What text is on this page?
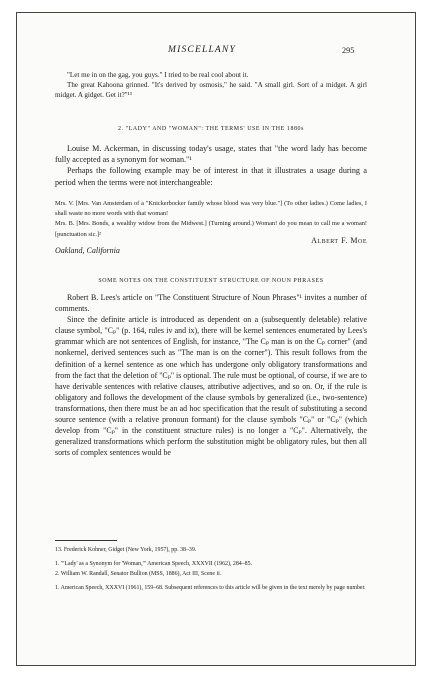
MISCELLANY	295

"Let me in on the gag, you guys." I tried to be real cool about it.

The great Kahoona grinned. "It's derived by osmosis," he said. "A small girl. Sort of a midget. A girl midget. A gidget. Get it?"¹³

2. "LADY" AND "WOMAN": THE TERMS' USE IN THE 1880s

Louise M. Ackerman, in discussing today's usage, states that "the word lady has become fully accepted as a synonym for woman."¹

Perhaps the following example may be of interest in that it illustrates a usage during a period when the terms were not interchangeable:

Mrs. V. [Mrs. Van Amsterdam of a "Knickerbocker family whose blood was very blue."] (To other ladies.) Come ladies, I shall waste no more words with that woman!

Mrs. B. [Mrs. Bonds, a wealthy widow from the Midwest.] (Turning around.) Woman! do you mean to call me a woman! [punctuation sic.]²

Albert F. Moe

Oakland, California

SOME NOTES ON THE CONSTITUENT STRUCTURE OF NOUN PHRASES

Robert B. Lees's article on "The Constituent Structure of Noun Phrases"¹ invites a number of comments.

Since the definite article is introduced as dependent on a (subsequently deletable) relative clause symbol, "Cₚ" (p. 164, rules iv and ix), there will be kernel sentences enumerated by Lees's grammar which are not sentences of English, for instance, "The Cₚ man is on the Cₚ corner" (and nonkernel, derived sentences such as "The man is on the corner"). This result follows from the definition of a kernel sentence as one which has undergone only obligatory transformations and from the fact that the deletion of "Cₚ" is optional. The rule must be optional, of course, if we are to have derivable sentences with relative clauses, attributive adjectives, and so on. Or, if the rule is obligatory and follows the development of the clause symbols by generalized (i.e., two-sentence) transformations, then there must be an ad hoc specification that the result of substituting a second source sentence (with a relative pronoun formant) for the clause symbols "Cₚ" or "Cₚ" (which develop from "Cₚ" in the constituent structure rules) is no longer a "Cₚ". Alternatively, the generalized transformations which perform the substitution might be obligatory rules, but then all sorts of complex sentences would be

13. Frederick Kohner, Gidget (New York, 1957), pp. 38–39.

1. "'Lady' as a Synonym for 'Woman,'" American Speech, XXXVII (1962), 284–85.

2. William W. Randall, Senator Bullion (MSS, 1886), Act III, Scene ii.

1. American Speech, XXXVI (1961), 159–68. Subsequent references to this article will be given in the text merely by page number.
